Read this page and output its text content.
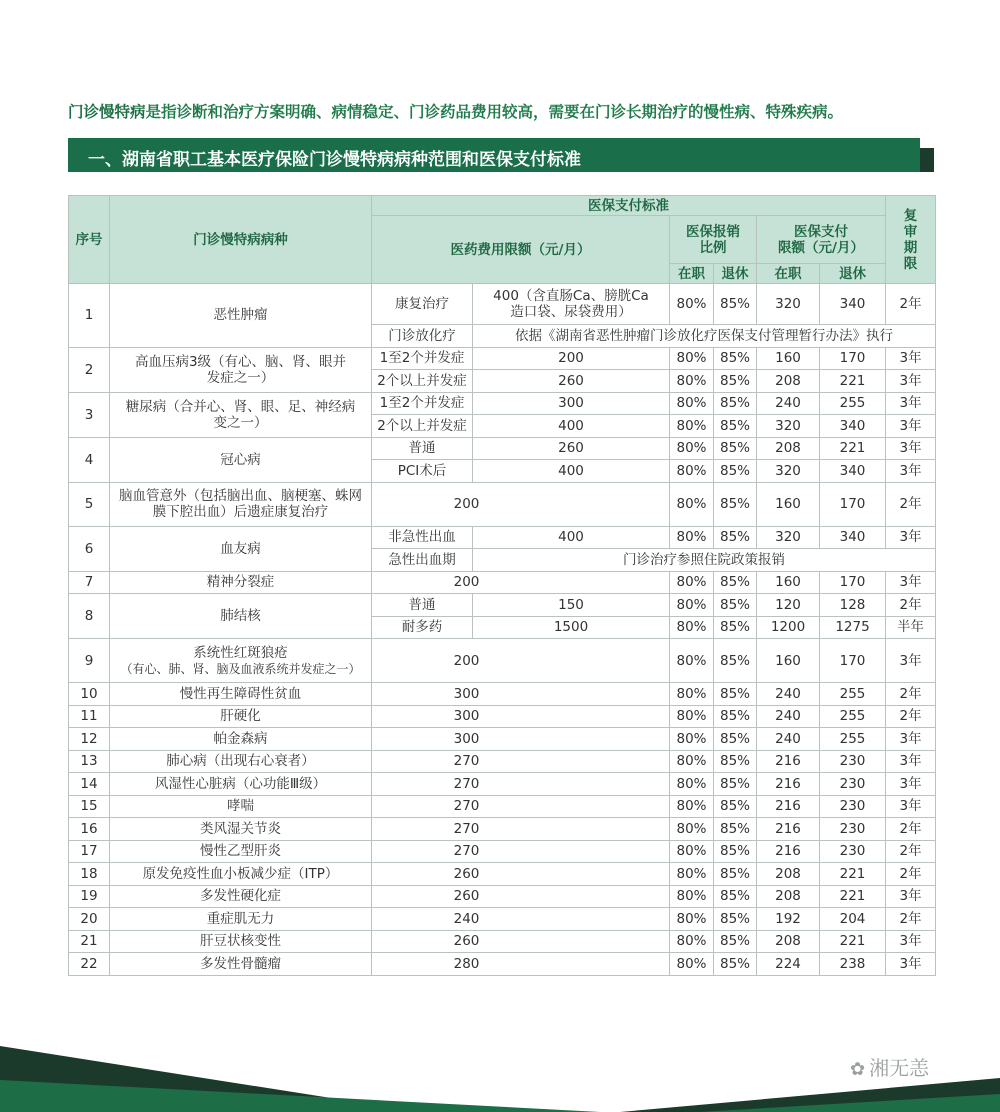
门诊慢特病是指诊断和治疗方案明确、病情稳定、门诊药品费用较高，需要在门诊长期治疗的慢性病、特殊疾病。
一、湖南省职工基本医疗保险门诊慢特病病种范围和医保支付标准
序号	门诊慢特病病种	医保支付标准						复审
期限
		医药费用限额（元/月）		医保报销
比例		医保支付
限额（元/月）		
				在职	退休	在职	退休	
1	恶性肿瘤	康复治疗	400（含直肠Ca、膀胱Ca造口袋、尿袋费用）	80%	85%	320	340	2年
		门诊放化疗	依据《湖南省恶性肿瘤门诊放化疗医保支付管理暂行办法》执行					
2	高血压病3级（有心、脑、肾、眼并发症之一）	1至2个并发症	200	80%	85%	160	170	3年
		2个以上并发症	260	80%	85%	208	221	3年
3	糖尿病（合并心、肾、眼、足、神经病变之一）	1至2个并发症	300	80%	85%	240	255	3年
		2个以上并发症	400	80%	85%	320	340	3年
4	冠心病	普通	260	80%	85%	208	221	3年
		PCI术后	400	80%	85%	320	340	3年
5	脑血管意外（包括脑出血、脑梗塞、蛛网膜下腔出血）后遗症康复治疗	200		80%	85%	160	170	2年
6	血友病	非急性出血	400	80%	85%	320	340	3年
		急性出血期	门诊治疗参照住院政策报销					
7	精神分裂症	200		80%	85%	160	170	3年
8	肺结核	普通	150	80%	85%	120	128	2年
		耐多药	1500	80%	85%	1200	1275	半年
9	系统性红斑狼疮
（有心、肺、肾、脑及血液系统并发症之一）	200		80%	85%	160	170	3年
10	慢性再生障碍性贫血	300		80%	85%	240	255	2年
11	肝硬化	300		80%	85%	240	255	2年
12	帕金森病	300		80%	85%	240	255	3年
13	肺心病（出现右心衰者）	270		80%	85%	216	230	3年
14	风湿性心脏病（心功能Ⅲ级）	270		80%	85%	216	230	3年
15	哮喘	270		80%	85%	216	230	3年
16	类风湿关节炎	270		80%	85%	216	230	2年
17	慢性乙型肝炎	270		80%	85%	216	230	2年
18	原发免疫性血小板减少症（ITP）	260		80%	85%	208	221	2年
19	多发性硬化症	260		80%	85%	208	221	3年
20	重症肌无力	240		80%	85%	192	204	2年
21	肝豆状核变性	260		80%	85%	208	221	3年
22	多发性骨髓瘤	280		80%	85%	224	238	3年
✿ 湘无恙
